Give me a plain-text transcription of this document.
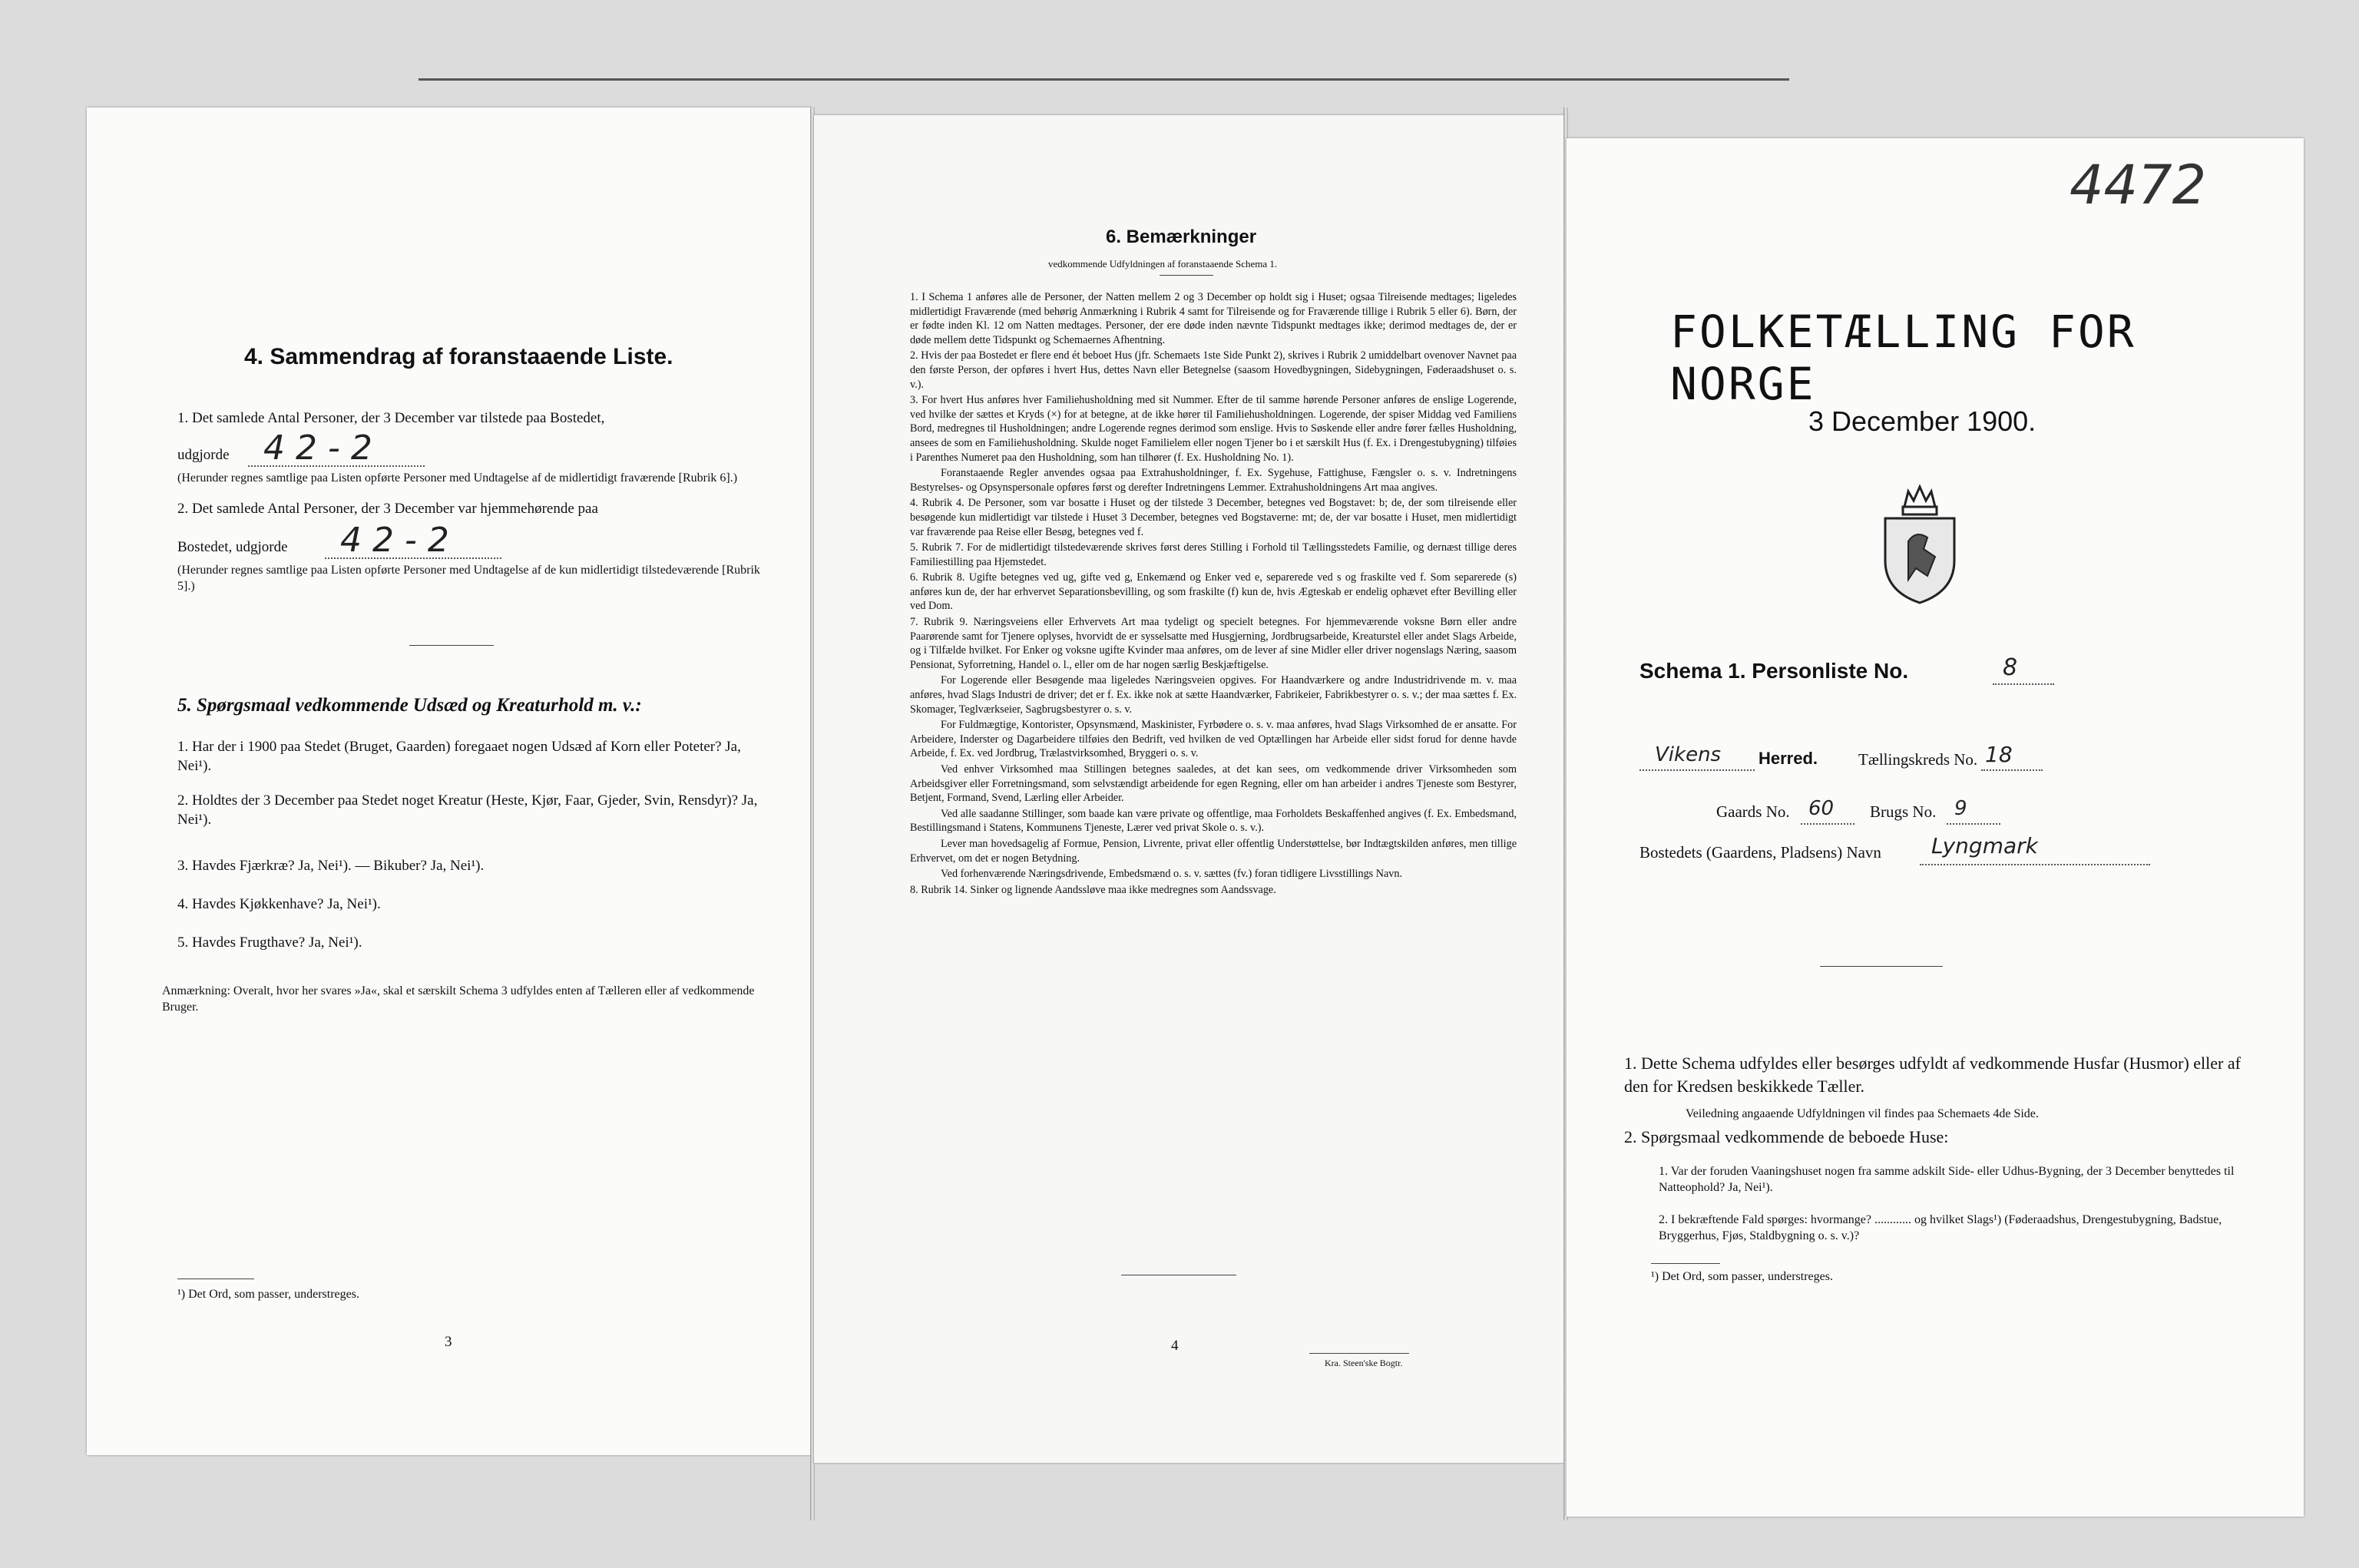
4. Sammendrag af foranstaaende Liste.
1. Det samlede Antal Personer, der 3 December var tilstede paa Bostedet,
udgjorde 4 2 - 2
(Herunder regnes samtlige paa Listen opførte Personer med Undtagelse af de midlertidigt fraværende [Rubrik 6].)
2. Det samlede Antal Personer, der 3 December var hjemmehørende paa
Bostedet, udgjorde 4 2 - 2
(Herunder regnes samtlige paa Listen opførte Personer med Undtagelse af de kun midlertidigt tilstedeværende [Rubrik 5].)
5. Spørgsmaal vedkommende Udsæd og Kreaturhold m. v.:
1. Har der i 1900 paa Stedet (Bruget, Gaarden) foregaaet nogen Udsæd af Korn eller Poteter? Ja, Nei¹).
2. Holdtes der 3 December paa Stedet noget Kreatur (Heste, Kjør, Faar, Gjeder, Svin, Rensdyr)? Ja, Nei¹).
3. Havdes Fjærkræ? Ja, Nei¹). — Bikuber? Ja, Nei¹).
4. Havdes Kjøkkenhave? Ja, Nei¹).
5. Havdes Frugthave? Ja, Nei¹).
Anmærkning: Overalt, hvor her svares »Ja«, skal et særskilt Schema 3 udfyldes enten af Tælleren eller af vedkommende Bruger.
¹) Det Ord, som passer, understreges.
3
6. Bemærkninger
vedkommende Udfyldningen af foranstaaende Schema 1.

1. I Schema 1 anføres alle de Personer, der Natten mellem 2 og 3 December op holdt sig i Huset; ogsaa Tilreisende medtages; ligeledes midlertidigt Fraværende (med behørig Anmærkning i Rubrik 4 samt for Tilreisende og for Fraværende tillige i Rubrik 5 eller 6). Børn, der er fødte inden Kl. 12 om Natten medtages. Personer, der ere døde inden nævnte Tidspunkt medtages ikke; derimod medtages de, der er døde mellem dette Tidspunkt og Schemaernes Afhentning.

2. Hvis der paa Bostedet er flere end ét beboet Hus (jfr. Schemaets 1ste Side Punkt 2), skrives i Rubrik 2 umiddelbart ovenover Navnet paa den første Person, der opføres i hvert Hus, dettes Navn eller Betegnelse (saasom Hovedbygningen, Sidebygningen, Føderaadshuset o. s. v.).

3. For hvert Hus anføres hver Familiehusholdning med sit Nummer. Efter de til samme hørende Personer anføres de enslige Logerende, ved hvilke der sættes et Kryds (×) for at betegne, at de ikke hører til Familiehusholdningen. Logerende, der spiser Middag ved Familiens Bord, medregnes til Husholdningen; andre Logerende regnes derimod som enslige. Hvis to Søskende eller andre fører fælles Husholdning, ansees de som en Familiehusholdning. Skulde noget Familielem eller nogen Tjener bo i et særskilt Hus (f. Ex. i Drengestubygning) tilføies i Parenthes Numeret paa den Husholdning, som han tilhører (f. Ex. Husholdning No. 1).

Foranstaaende Regler anvendes ogsaa paa Extrahusholdninger, f. Ex. Sygehuse, Fattighuse, Fængsler o. s. v. Indretningens Bestyrelses- og Opsynspersonale opføres først og derefter Indretningens Lemmer. Extrahusholdningens Art maa angives.

4. Rubrik 4. De Personer, som var bosatte i Huset og der tilstede 3 December, betegnes ved Bogstavet: b; de, der som tilreisende eller besøgende kun midlertidigt var tilstede i Huset 3 December, betegnes ved Bogstaverne: mt; de, der var bosatte i Huset, men midlertidigt var fraværende paa Reise eller Besøg, betegnes ved f.

5. Rubrik 7. For de midlertidigt tilstedeværende skrives først deres Stilling i Forhold til Tællingsstedets Familie, og dernæst tillige deres Familiestilling paa Hjemstedet.

6. Rubrik 8. Ugifte betegnes ved ug, gifte ved g, Enkemænd og Enker ved e, separerede ved s og fraskilte ved f. Som separerede (s) anføres kun de, der har erhvervet Separationsbevilling, og som fraskilte (f) kun de, hvis Ægteskab er endelig ophævet efter Bevilling eller ved Dom.

7. Rubrik 9. Næringsveiens eller Erhvervets Art maa tydeligt og specielt betegnes. For hjemmeværende voksne Børn eller andre Paarørende samt for Tjenere oplyses, hvorvidt de er sysselsatte med Husgjerning, Jordbrugsarbeide, Kreaturstel eller andet Slags Arbeide, og i Tilfælde hvilket. For Enker og voksne ugifte Kvinder maa anføres, om de lever af sine Midler eller driver nogenslags Næring, saasom Pensionat, Syforretning, Handel o. l., eller om de har nogen særlig Beskjæftigelse.

For Logerende eller Besøgende maa ligeledes Næringsveien opgives. For Haandværkere og andre Industridrivende m. v. maa anføres, hvad Slags Industri de driver; det er f. Ex. ikke nok at sætte Haandværker, Fabrikeier, Fabrikbestyrer o. s. v.; der maa sættes f. Ex. Skomager, Teglværkseier, Sagbrugsbestyrer o. s. v.

For Fuldmægtige, Kontorister, Opsynsmænd, Maskinister, Fyrbødere o. s. v. maa anføres, hvad Slags Virksomhed de er ansatte. For Arbeidere, Inderster og Dagarbeidere tilføies den Bedrift, ved hvilken de ved Optællingen har Arbeide eller sidst forud for denne havde Arbeide, f. Ex. ved Jordbrug, Trælastvirksomhed, Bryggeri o. s. v.

Ved enhver Virksomhed maa Stillingen betegnes saaledes, at det kan sees, om vedkommende driver Virksomheden som Arbeidsgiver eller Forretningsmand, som selvstændigt arbeidende for egen Regning, eller om han arbeider i andres Tjeneste som Bestyrer, Betjent, Formand, Svend, Lærling eller Arbeider.

Ved alle saadanne Stillinger, som baade kan være private og offentlige, maa Forholdets Beskaffenhed angives (f. Ex. Embedsmand, Bestillingsmand i Statens, Kommunens Tjeneste, Lærer ved privat Skole o. s. v.).

Lever man hovedsagelig af Formue, Pension, Livrente, privat eller offentlig Understøttelse, bør Indtægtskilden anføres, men tillige Erhvervet, om det er nogen Betydning.

Ved forhenværende Næringsdrivende, Embedsmænd o. s. v. sættes (fv.) foran tidligere Livsstillings Navn.

8. Rubrik 14. Sinker og lignende Aandssløve maa ikke medregnes som Aandssvage.

4
Kra. Steen'ske Bogtr.
4472
FOLKETÆLLING FOR NORGE
3 December 1900.
Schema 1. Personliste No.	8
Vikens Herred.	Tællingskreds No. 18
Gaards No. 60 Brugs No. 9
Bostedets (Gaardens, Pladsens) Navn Lyngmark
1. Dette Schema udfyldes eller besørges udfyldt af vedkommende Husfar (Husmor) eller af den for Kredsen beskikkede Tæller.
Veiledning angaaende Udfyldningen vil findes paa Schemaets 4de Side.
2. Spørgsmaal vedkommende de beboede Huse:
1. Var der foruden Vaaningshuset nogen fra samme adskilt Side- eller Udhus-Bygning, der 3 December benyttedes til Natteophold? Ja, Nei¹).
2. I bekræftende Fald spørges: hvormange? ............ og hvilket Slags¹) (Føderaadshus, Drengestubygning, Badstue, Bryggerhus, Fjøs, Staldbygning o. s. v.)?
¹) Det Ord, som passer, understreges.
